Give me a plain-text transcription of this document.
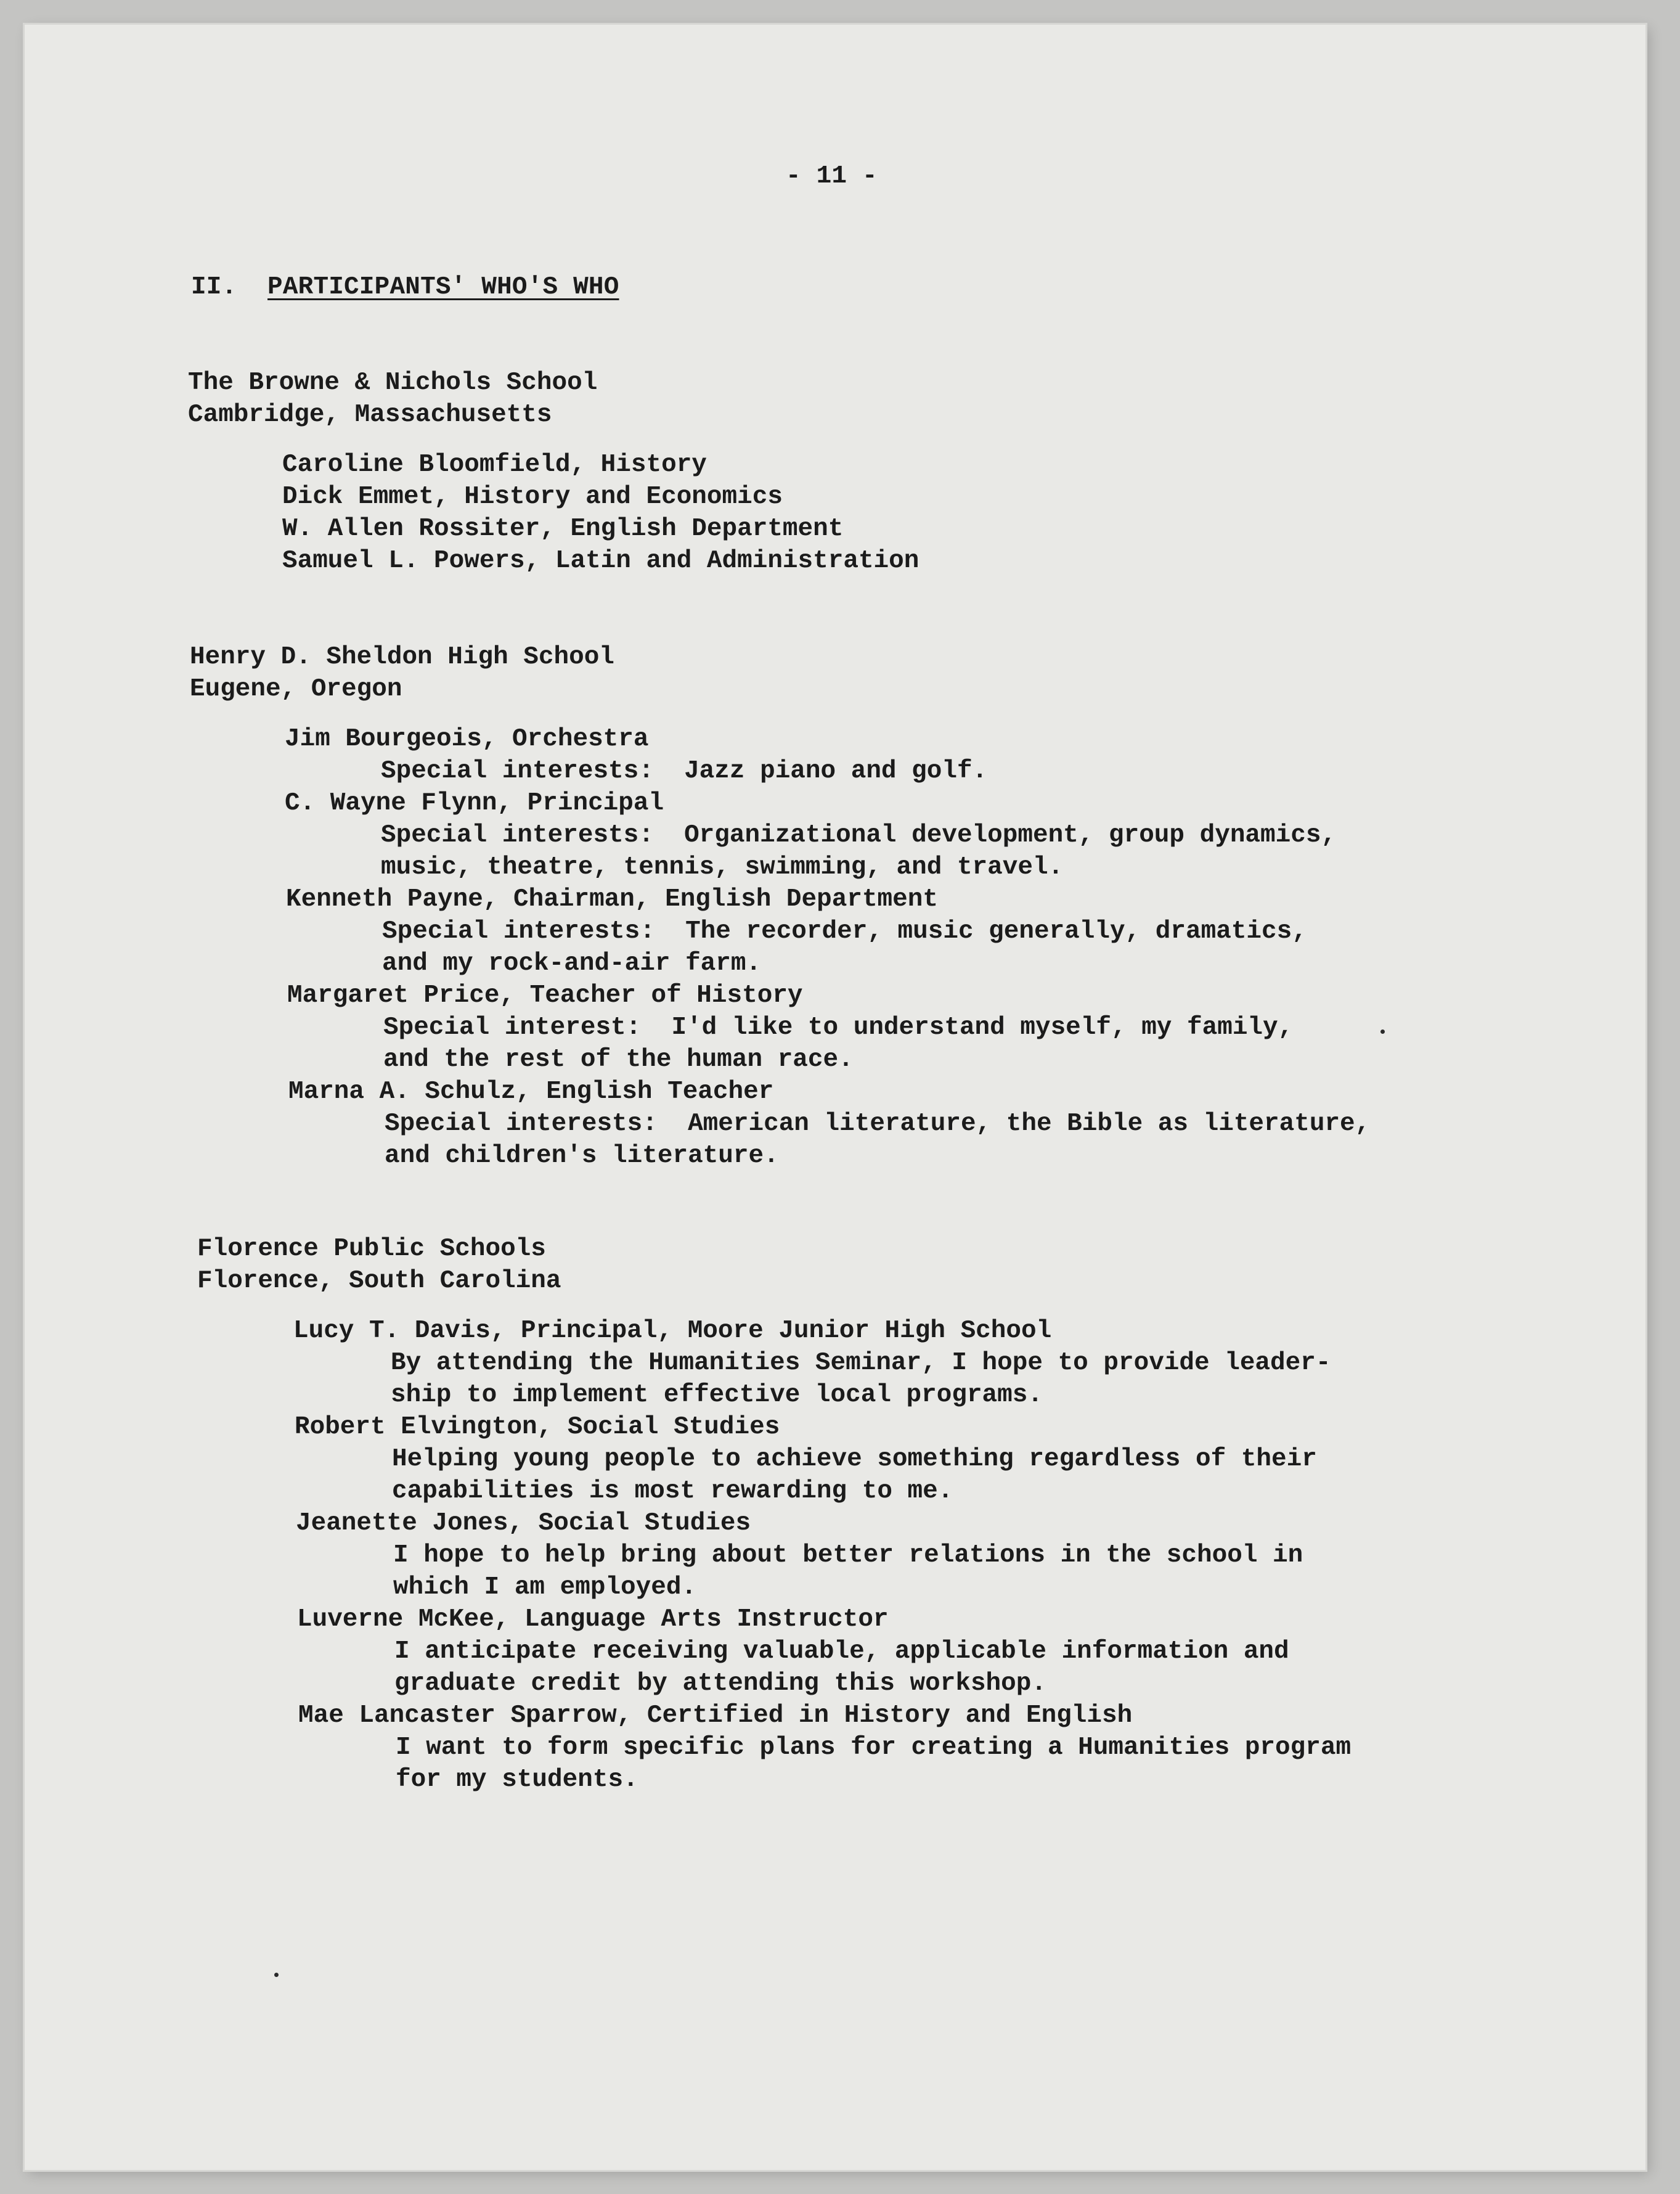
- 11 -
II. PARTICIPANTS' WHO'S WHO
The Browne & Nichols School
Cambridge, Massachusetts
Caroline Bloomfield, History
Dick Emmet, History and Economics
W. Allen Rossiter, English Department
Samuel L. Powers, Latin and Administration
Henry D. Sheldon High School
Eugene, Oregon
Jim Bourgeois, Orchestra
Special interests:  Jazz piano and golf.
C. Wayne Flynn, Principal
Special interests:  Organizational development, group dynamics,
music, theatre, tennis, swimming, and travel.
Kenneth Payne, Chairman, English Department
Special interests:  The recorder, music generally, dramatics,
and my rock-and-air farm.
Margaret Price, Teacher of History
Special interest:  I'd like to understand myself, my family,
and the rest of the human race.
Marna A. Schulz, English Teacher
Special interests:  American literature, the Bible as literature,
and children's literature.
Florence Public Schools
Florence, South Carolina
Lucy T. Davis, Principal, Moore Junior High School
By attending the Humanities Seminar, I hope to provide leader-
ship to implement effective local programs.
Robert Elvington, Social Studies
Helping young people to achieve something regardless of their
capabilities is most rewarding to me.
Jeanette Jones, Social Studies
I hope to help bring about better relations in the school in
which I am employed.
Luverne McKee, Language Arts Instructor
I anticipate receiving valuable, applicable information and
graduate credit by attending this workshop.
Mae Lancaster Sparrow, Certified in History and English
I want to form specific plans for creating a Humanities program
for my students.
